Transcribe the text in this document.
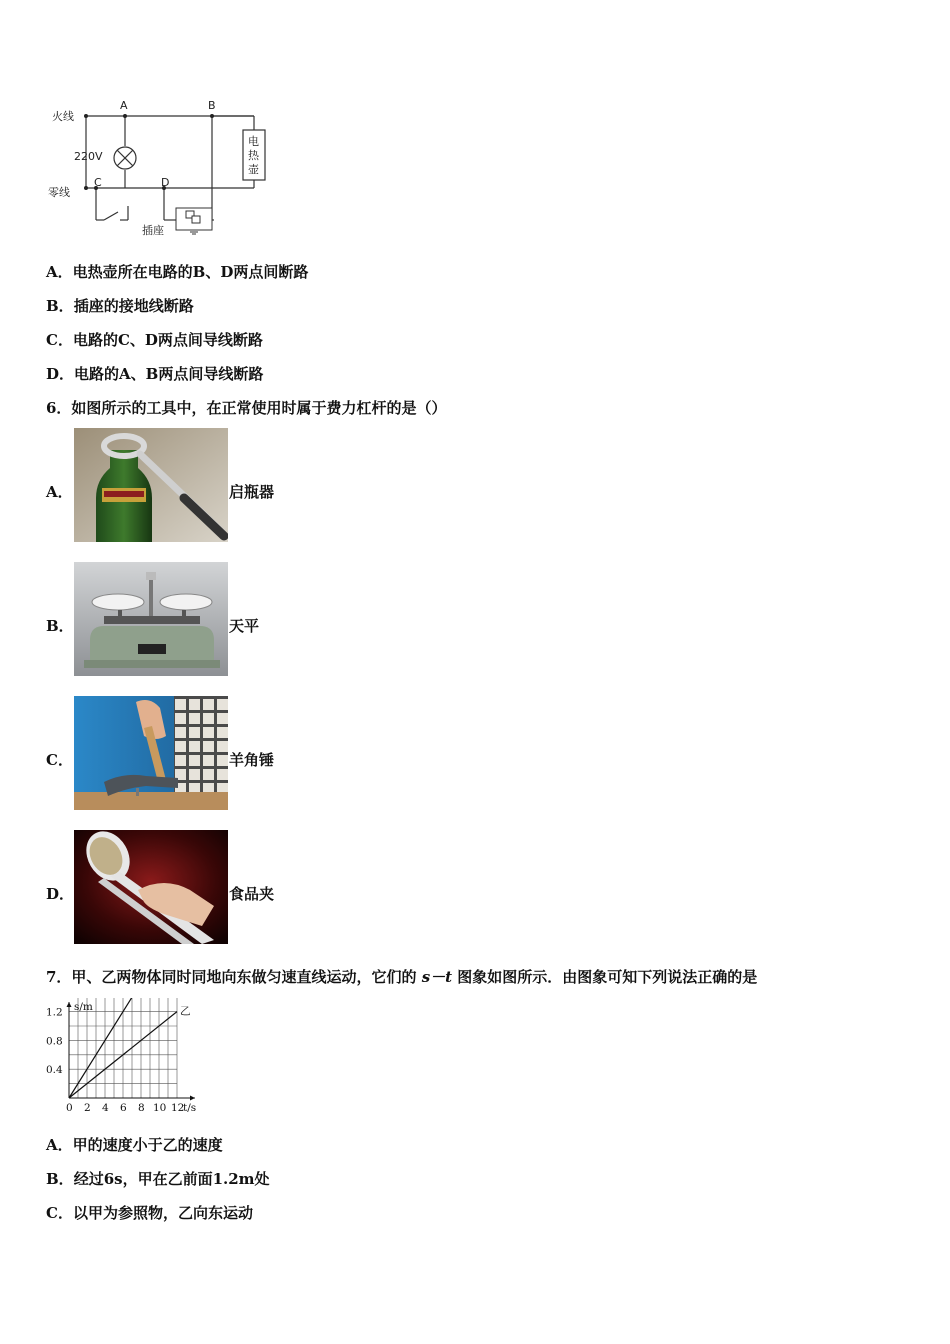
火线
零线
220V
A	B
C	D
电
热
壶
插座
A．电热壶所在电路的B、D两点间断路
B．插座的接地线断路
C．电路的C、D两点间导线断路
D．电路的A、B两点间导线断路
6．如图所示的工具中，在正常使用时属于费力杠杆的是（）
A．	启瓶器
B．	天平
C．	羊角锤
D．	食品夹
7．甲、乙两物体同时同地向东做匀速直线运动，它们的 s－t 图象如图所示．由图象可知下列说法正确的是
乙
0 2 4 6 8 10 12
0.4
0.8
1.2
t/s
s/m
A．甲的速度小于乙的速度
B．经过6s，甲在乙前面1.2m处
C．以甲为参照物，乙向东运动
